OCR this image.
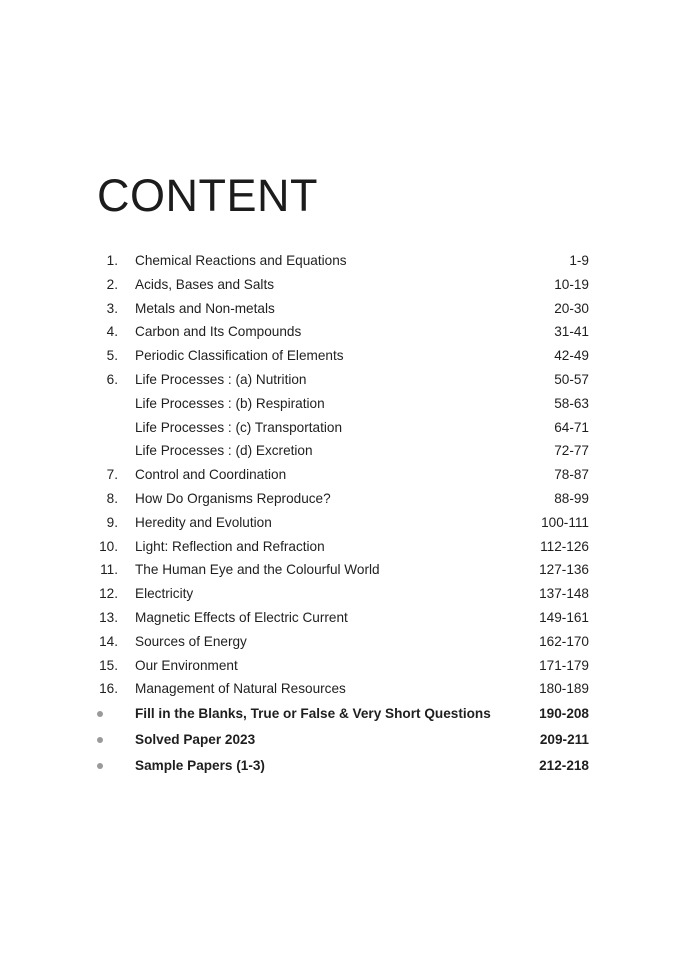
CONTENT
1. Chemical Reactions and Equations	1-9
2. Acids, Bases and Salts	10-19
3. Metals and Non-metals	20-30
4. Carbon and Its Compounds	31-41
5. Periodic Classification of Elements	42-49
6. Life Processes : (a) Nutrition	50-57
Life Processes : (b) Respiration	58-63
Life Processes : (c) Transportation	64-71
Life Processes : (d) Excretion	72-77
7. Control and Coordination	78-87
8. How Do Organisms Reproduce?	88-99
9. Heredity and Evolution	100-111
10. Light: Reflection and Refraction	112-126
11. The Human Eye and the Colourful World	127-136
12. Electricity	137-148
13. Magnetic Effects of Electric Current	149-161
14. Sources of Energy	162-170
15. Our Environment	171-179
16. Management of Natural Resources	180-189
Fill in the Blanks, True or False & Very Short Questions	190-208
Solved Paper 2023	209-211
Sample Papers (1-3)	212-218
